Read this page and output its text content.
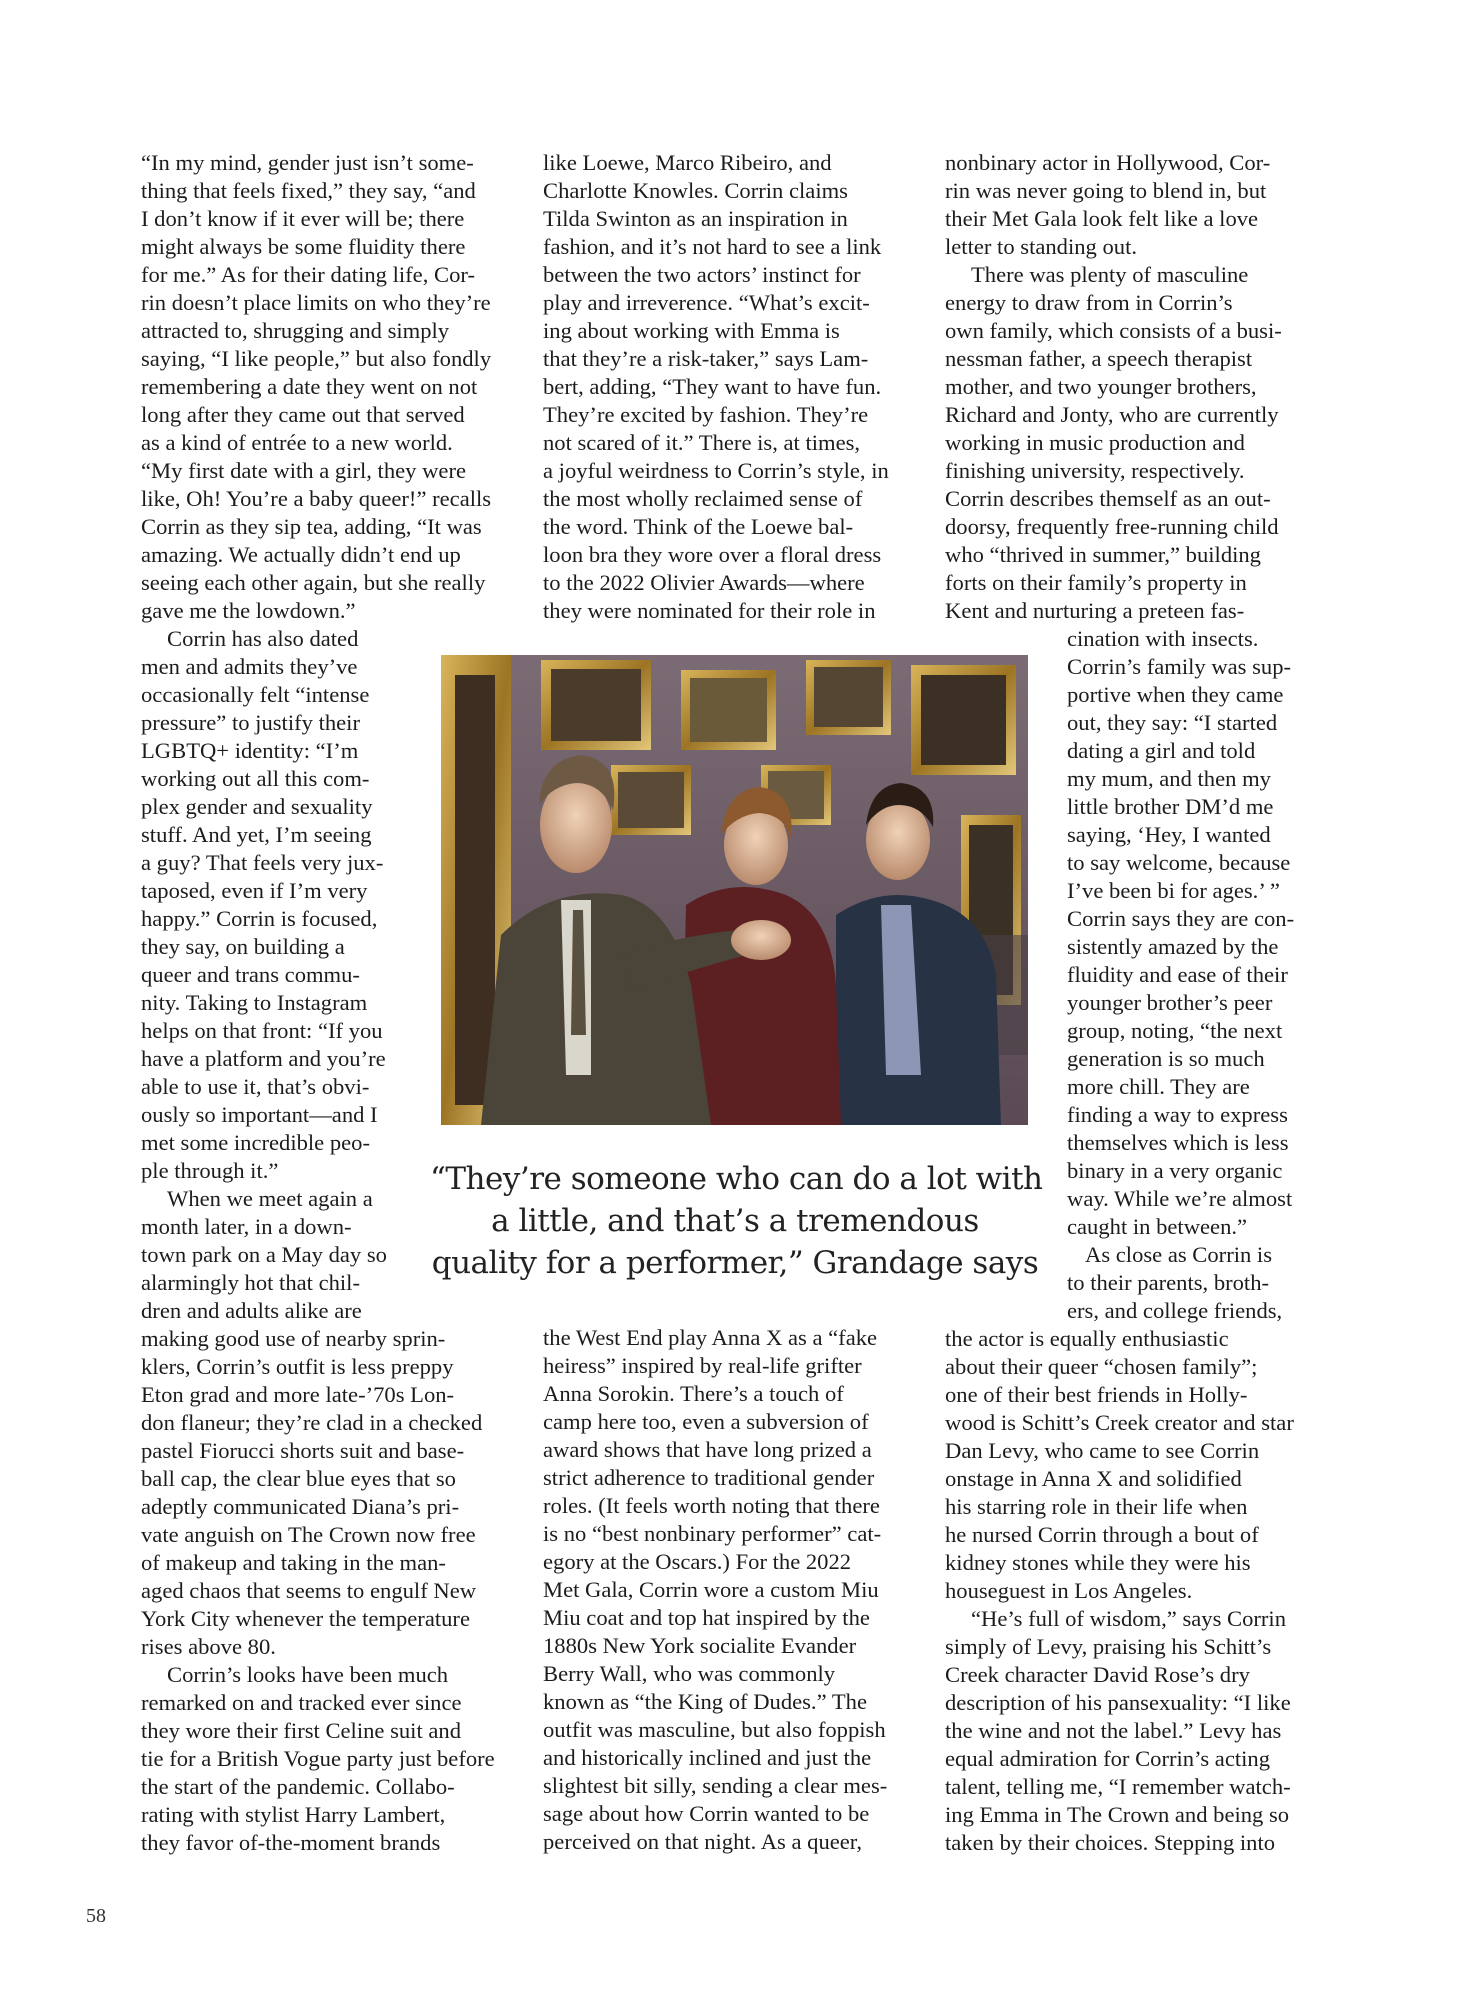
“In my mind, gender just isn’t some-
thing that feels fixed,” they say, “and
I don’t know if it ever will be; there
might always be some fluidity there
for me.” As for their dating life, Cor-
rin doesn’t place limits on who they’re
attracted to, shrugging and simply
saying, “I like people,” but also fondly
remembering a date they went on not
long after they came out that served
as a kind of entrée to a new world.
“My first date with a girl, they were
like, Oh! You’re a baby queer!” recalls
Corrin as they sip tea, adding, “It was
amazing. We actually didn’t end up
seeing each other again, but she really
gave me the lowdown.”

Corrin has also dated
men and admits they’ve
occasionally felt “intense
pressure” to justify their
LGBTQ+ identity: “I’m
working out all this com-
plex gender and sexuality
stuff. And yet, I’m seeing
a guy? That feels very jux-
taposed, even if I’m very
happy.” Corrin is focused,
they say, on building a
queer and trans commu-
nity. Taking to Instagram
helps on that front: “If you
have a platform and you’re
able to use it, that’s obvi-
ously so important—and I
met some incredible peo-
ple through it.”

When we meet again a
month later, in a down-
town park on a May day so
alarmingly hot that chil-
dren and adults alike are
making good use of nearby sprin-
klers, Corrin’s outfit is less preppy
Eton grad and more late-’70s Lon-
don flaneur; they’re clad in a checked
pastel Fiorucci shorts suit and base-
ball cap, the clear blue eyes that so
adeptly communicated Diana’s pri-
vate anguish on The Crown now free
of makeup and taking in the man-
aged chaos that seems to engulf New
York City whenever the temperature
rises above 80.

Corrin’s looks have been much
remarked on and tracked ever since
they wore their first Celine suit and
tie for a British Vogue party just before
the start of the pandemic. Collabo-
rating with stylist Harry Lambert,
they favor of-the-moment brands

like Loewe, Marco Ribeiro, and
Charlotte Knowles. Corrin claims
Tilda Swinton as an inspiration in
fashion, and it’s not hard to see a link
between the two actors’ instinct for
play and irreverence. “What’s excit-
ing about working with Emma is
that they’re a risk-taker,” says Lam-
bert, adding, “They want to have fun.
They’re excited by fashion. They’re
not scared of it.” There is, at times,
a joyful weirdness to Corrin’s style, in
the most wholly reclaimed sense of
the word. Think of the Loewe bal-
loon bra they wore over a floral dress
to the 2022 Olivier Awards—where
they were nominated for their role in

the West End play Anna X as a “fake
heiress” inspired by real-life grifter
Anna Sorokin. There’s a touch of
camp here too, even a subversion of
award shows that have long prized a
strict adherence to traditional gender
roles. (It feels worth noting that there
is no “best nonbinary performer” cat-
egory at the Oscars.) For the 2022
Met Gala, Corrin wore a custom Miu
Miu coat and top hat inspired by the
1880s New York socialite Evander
Berry Wall, who was commonly
known as “the King of Dudes.” The
outfit was masculine, but also foppish
and historically inclined and just the
slightest bit silly, sending a clear mes-
sage about how Corrin wanted to be
perceived on that night. As a queer,

nonbinary actor in Hollywood, Cor-
rin was never going to blend in, but
their Met Gala look felt like a love
letter to standing out.

There was plenty of masculine
energy to draw from in Corrin’s
own family, which consists of a busi-
nessman father, a speech therapist
mother, and two younger brothers,
Richard and Jonty, who are currently
working in music production and
finishing university, respectively.
Corrin describes themself as an out-
doorsy, frequently free-running child
who “thrived in summer,” building
forts on their family’s property in
Kent and nurturing a preteen fas-
cination with insects.
Corrin’s family was sup-
portive when they came
out, they say: “I started
dating a girl and told
my mum, and then my
little brother DM’d me
saying, ‘Hey, I wanted
to say welcome, because
I’ve been bi for ages.’ ”
Corrin says they are con-
sistently amazed by the
fluidity and ease of their
younger brother’s peer
group, noting, “the next
generation is so much
more chill. They are
finding a way to express
themselves which is less
binary in a very organic
way. While we’re almost
caught in between.”

As close as Corrin is
to their parents, broth-
ers, and college friends,
the actor is equally enthusiastic
about their queer “chosen family”;
one of their best friends in Holly-
wood is Schitt’s Creek creator and star
Dan Levy, who came to see Corrin
onstage in Anna X and solidified
his starring role in their life when
he nursed Corrin through a bout of
kidney stones while they were his
houseguest in Los Angeles.

“He’s full of wisdom,” says Corrin
simply of Levy, praising his Schitt’s
Creek character David Rose’s dry
description of his pansexuality: “I like
the wine and not the label.” Levy has
equal admiration for Corrin’s acting
talent, telling me, “I remember watch-
ing Emma in The Crown and being so
taken by their choices. Stepping into

“They’re someone who can do a lot with
a little, and that’s a tremendous
quality for a performer,” Grandage says
58
